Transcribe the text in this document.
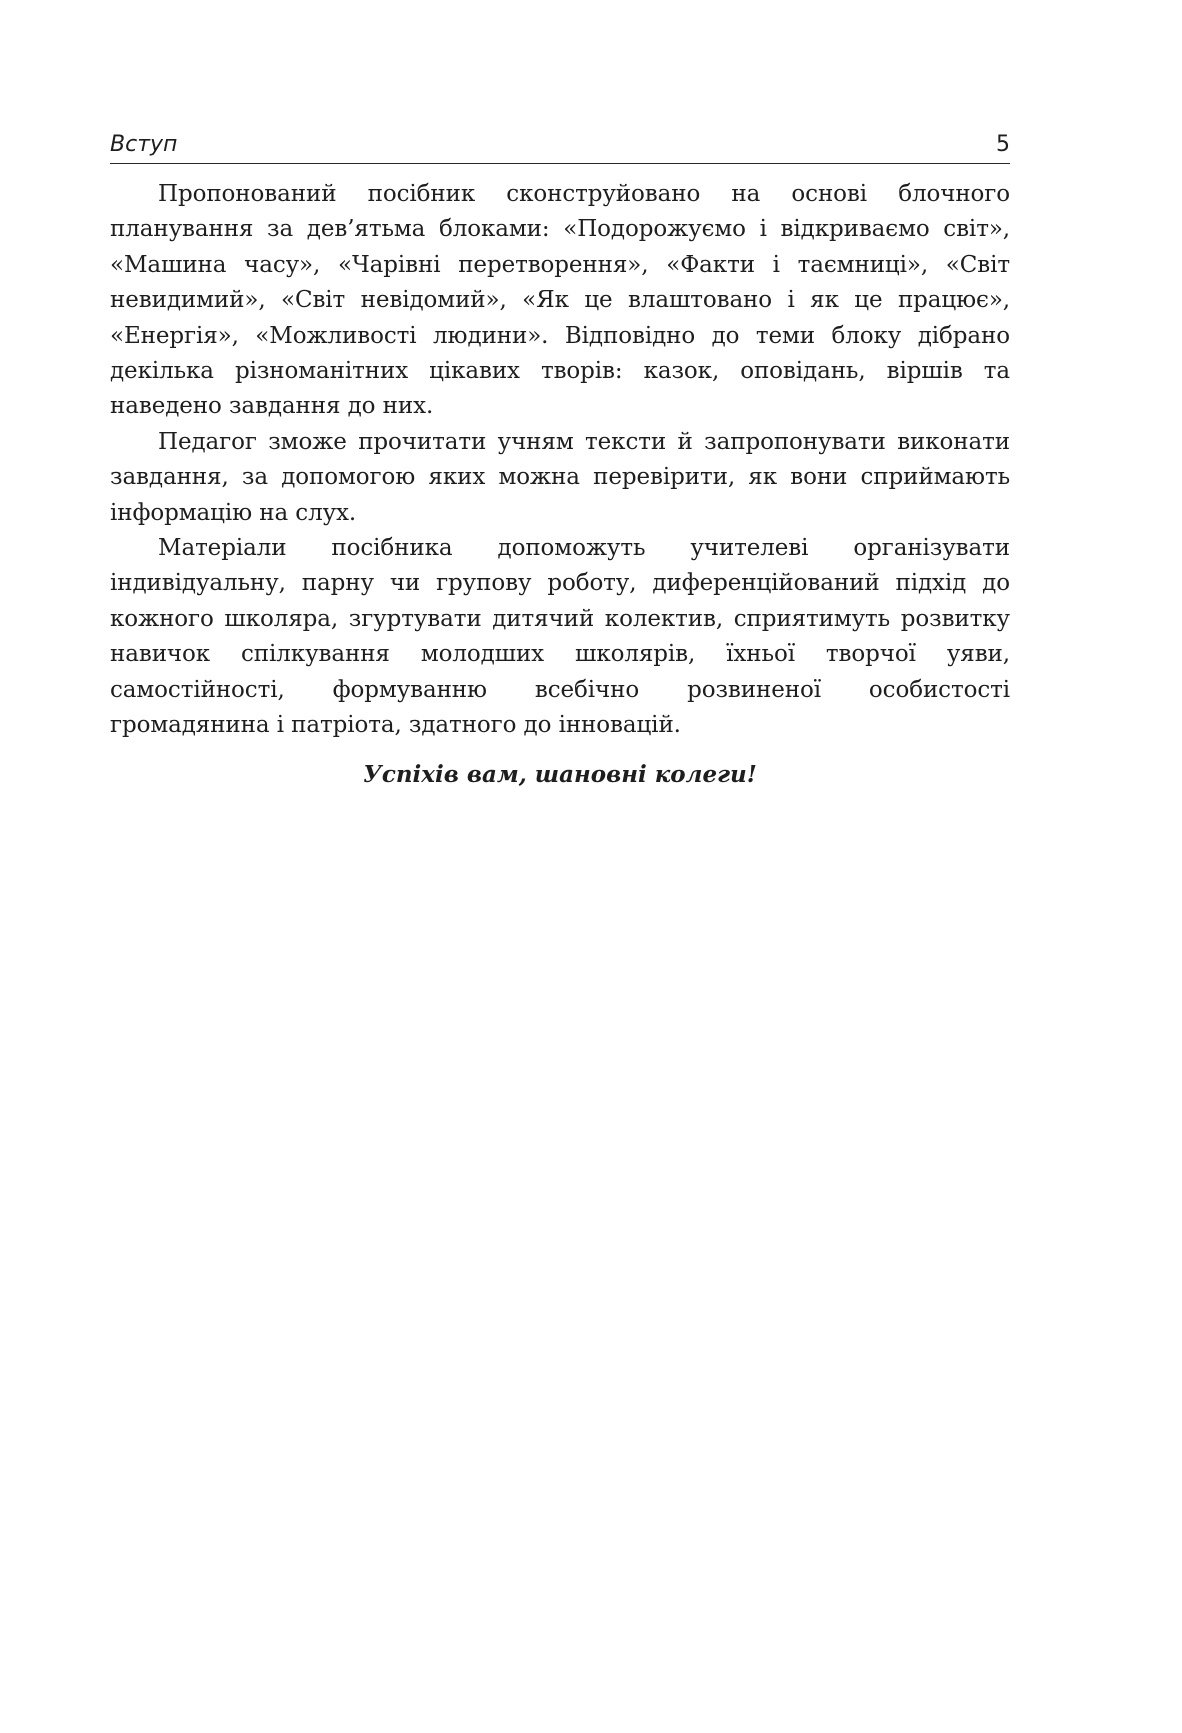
Вступ	5

Пропонований посібник сконструйовано на основі блочного планування за дев’ятьма блоками: «Подорожуємо і відкриваємо світ», «Машина часу», «Чарівні перетворення», «Факти і таємниці», «Світ невидимий», «Світ невідомий», «Як це влаштовано і як це працює», «Енергія», «Можливості людини». Відповідно до теми блоку дібрано декілька різноманітних цікавих творів: казок, оповідань, віршів та наведено завдання до них.

Педагог зможе прочитати учням тексти й запропонувати виконати завдання, за допомогою яких можна перевірити, як вони сприймають інформацію на слух.

Матеріали посібника допоможуть учителеві організувати індивідуальну, парну чи групову роботу, диференційований підхід до кожного школяра, згуртувати дитячий колектив, сприятимуть розвитку навичок спілкування молодших школярів, їхньої творчої уяви, самостійності, формуванню всебічно розвиненої особистості громадянина і патріота, здатного до інновацій.

Успіхів вам, шановні колеги!
